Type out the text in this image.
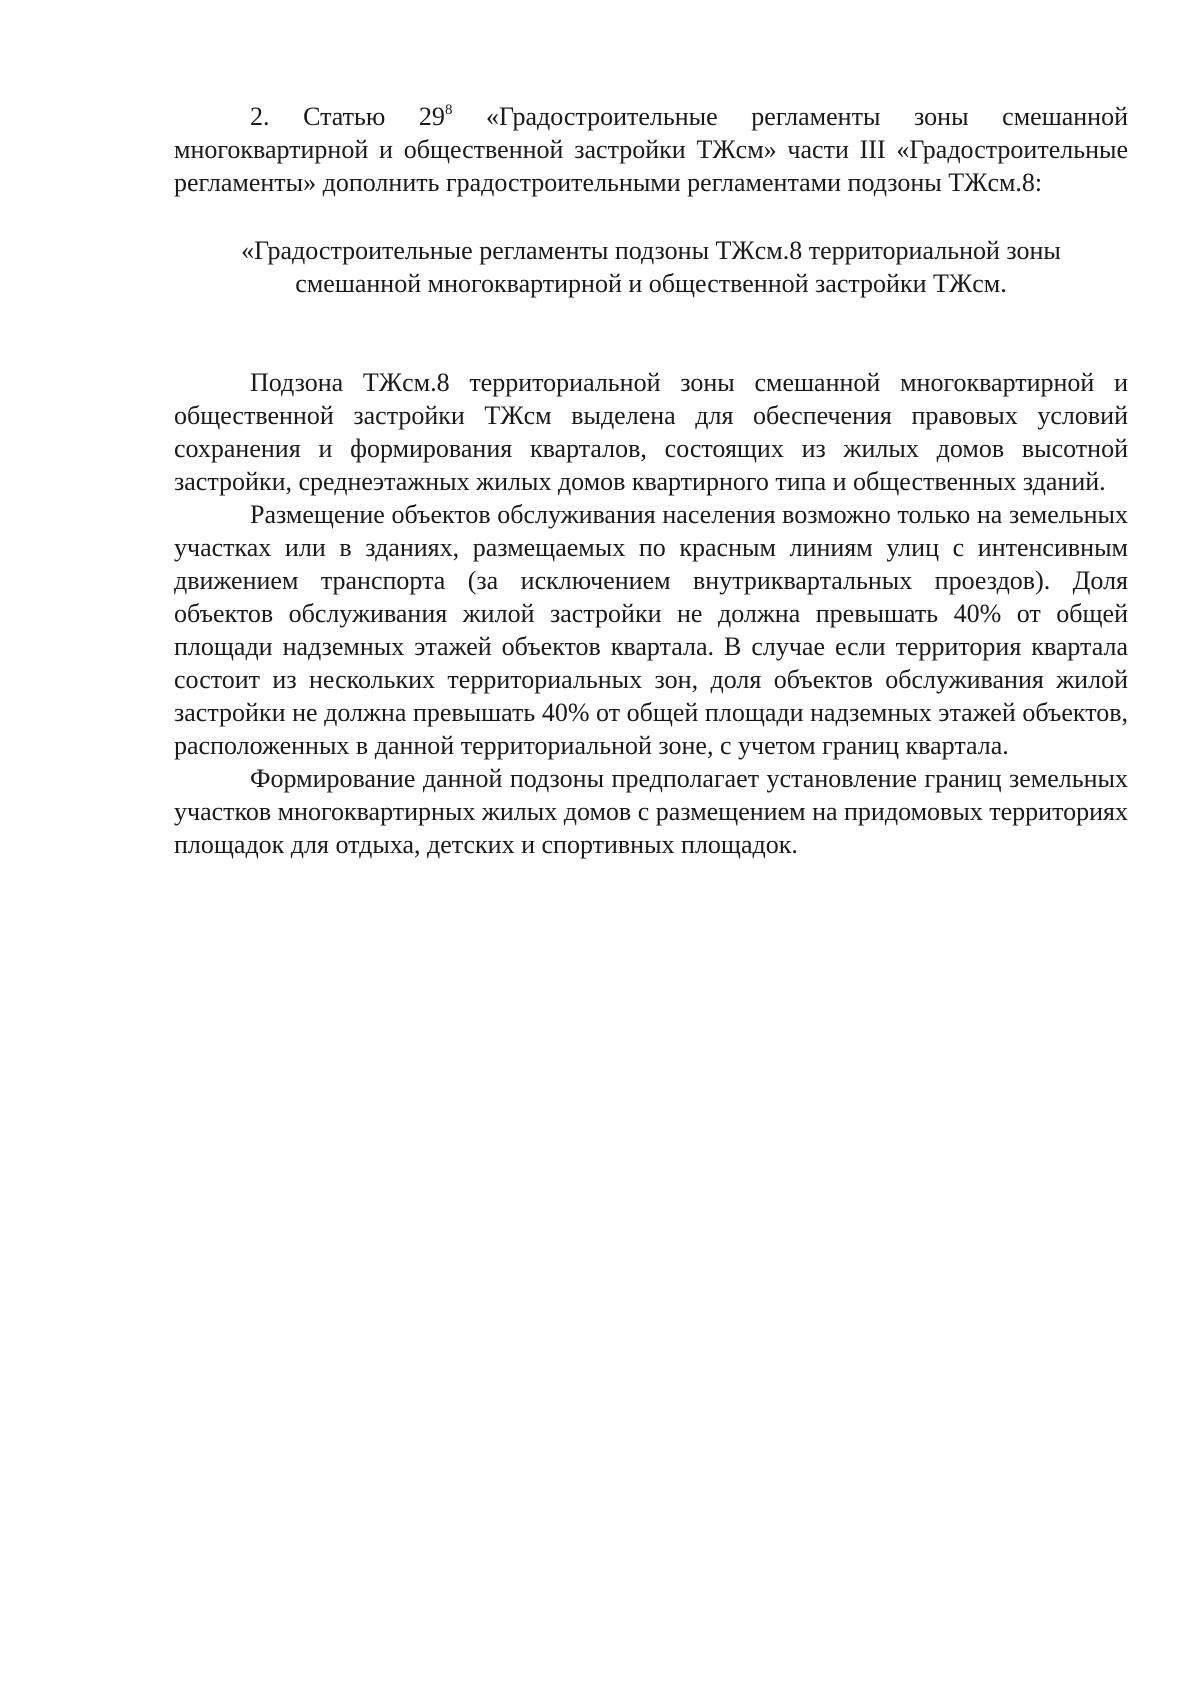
2. Статью $29^8$ «Градостроительные регламенты зоны смешанной многоквартирной и общественной застройки ТЖсм» части III «Градостроительные регламенты» дополнить градостроительными регламентами подзоны ТЖсм.8:

«Градостроительные регламенты подзоны ТЖсм.8 территориальной зоны
смешанной многоквартирной и общественной застройки ТЖсм.

Подзона ТЖсм.8 территориальной зоны смешанной многоквартирной и общественной застройки ТЖсм выделена для обеспечения правовых условий сохранения и формирования кварталов, состоящих из жилых домов высотной застройки, среднеэтажных жилых домов квартирного типа и общественных зданий.

Размещение объектов обслуживания населения возможно только на земельных участках или в зданиях, размещаемых по красным линиям улиц с интенсивным движением транспорта (за исключением внутриквартальных проездов). Доля объектов обслуживания жилой застройки не должна превышать 40% от общей площади надземных этажей объектов квартала. В случае если территория квартала состоит из нескольких территориальных зон, доля объектов обслуживания жилой застройки не должна превышать 40% от общей площади надземных этажей объектов, расположенных в данной территориальной зоне, с учетом границ квартала.

Формирование данной подзоны предполагает установление границ земельных участков многоквартирных жилых домов с размещением на придомовых территориях площадок для отдыха, детских и спортивных площадок.
